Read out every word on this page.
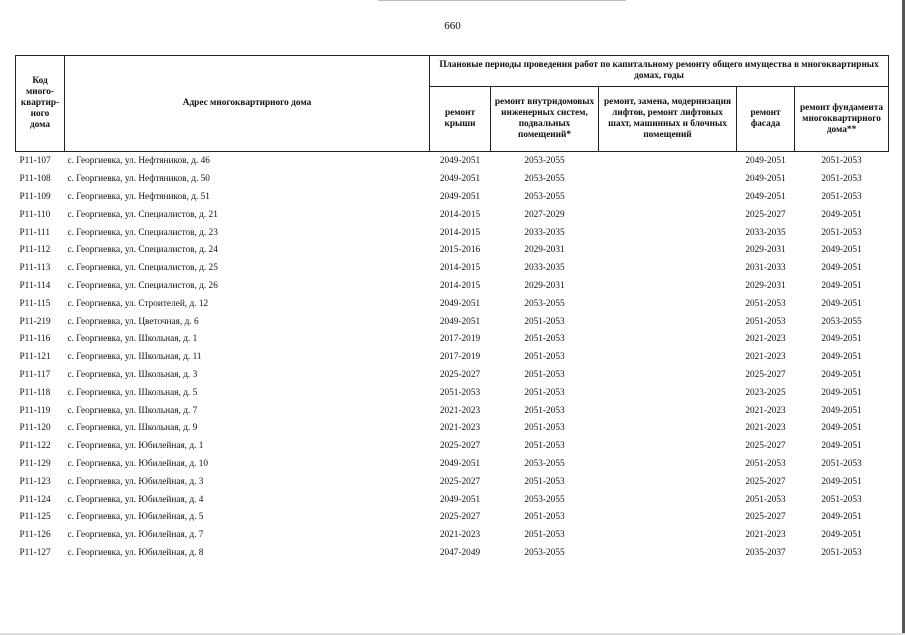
660
Код
много-
квартир-
ного
дома	Адрес многоквартирного дома	Плановые периоды проведения работ по капитальному ремонту общего имущества в многоквартирных домах, годы				
		ремонт крыши	ремонт внутридомовых инженерных систем, подвальных помещений*	ремонт, замена, модернизация лифтов, ремонт лифтовых шахт, машинных и блочных помещений	ремонт фасада	ремонт фундамента многоквартирного дома**
P11-107	с. Георгиевка, ул. Нефтяников, д. 46	2049-2051	2053-2055		2049-2051	2051-2053
P11-108	с. Георгиевка, ул. Нефтяников, д. 50	2049-2051	2053-2055		2049-2051	2051-2053
P11-109	с. Георгиевка, ул. Нефтяников, д. 51	2049-2051	2053-2055		2049-2051	2051-2053
P11-110	с. Георгиевка, ул. Специалистов, д. 21	2014-2015	2027-2029		2025-2027	2049-2051
P11-111	с. Георгиевка, ул. Специалистов, д. 23	2014-2015	2033-2035		2033-2035	2051-2053
P11-112	с. Георгиевка, ул. Специалистов, д. 24	2015-2016	2029-2031		2029-2031	2049-2051
P11-113	с. Георгиевка, ул. Специалистов, д. 25	2014-2015	2033-2035		2031-2033	2049-2051
P11-114	с. Георгиевка, ул. Специалистов, д. 26	2014-2015	2029-2031		2029-2031	2049-2051
P11-115	с. Георгиевка, ул. Строителей, д. 12	2049-2051	2053-2055		2051-2053	2049-2051
P11-219	с. Георгиевка, ул. Цветочная, д. 6	2049-2051	2051-2053		2051-2053	2053-2055
P11-116	с. Георгиевка, ул. Школьная, д. 1	2017-2019	2051-2053		2021-2023	2049-2051
P11-121	с. Георгиевка, ул. Школьная, д. 11	2017-2019	2051-2053		2021-2023	2049-2051
P11-117	с. Георгиевка, ул. Школьная, д. 3	2025-2027	2051-2053		2025-2027	2049-2051
P11-118	с. Георгиевка, ул. Школьная, д. 5	2051-2053	2051-2053		2023-2025	2049-2051
P11-119	с. Георгиевка, ул. Школьная, д. 7	2021-2023	2051-2053		2021-2023	2049-2051
P11-120	с. Георгиевка, ул. Школьная, д. 9	2021-2023	2051-2053		2021-2023	2049-2051
P11-122	с. Георгиевка, ул. Юбилейная, д. 1	2025-2027	2051-2053		2025-2027	2049-2051
P11-129	с. Георгиевка, ул. Юбилейная, д. 10	2049-2051	2053-2055		2051-2053	2051-2053
P11-123	с. Георгиевка, ул. Юбилейная, д. 3	2025-2027	2051-2053		2025-2027	2049-2051
P11-124	с. Георгиевка, ул. Юбилейная, д. 4	2049-2051	2053-2055		2051-2053	2051-2053
P11-125	с. Георгиевка, ул. Юбилейная, д. 5	2025-2027	2051-2053		2025-2027	2049-2051
P11-126	с. Георгиевка, ул. Юбилейная, д. 7	2021-2023	2051-2053		2021-2023	2049-2051
P11-127	с. Георгиевка, ул. Юбилейная, д. 8	2047-2049	2053-2055		2035-2037	2051-2053
